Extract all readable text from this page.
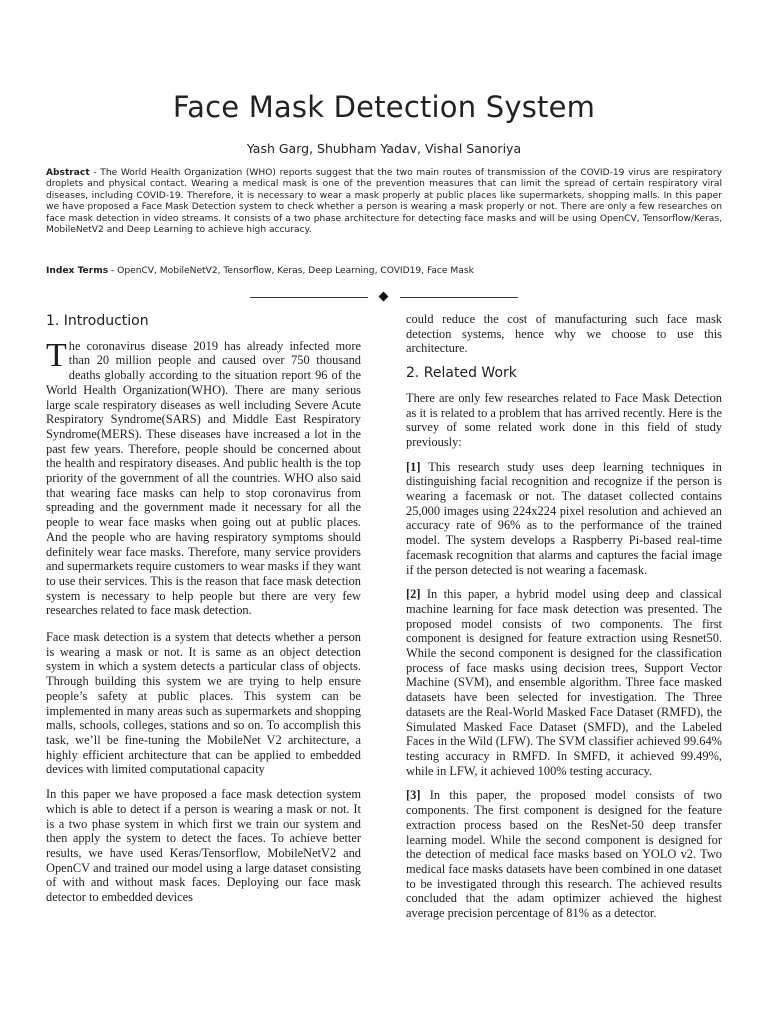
Face Mask Detection System
Yash Garg, Shubham Yadav, Vishal Sanoriya

Abstract - The World Health Organization (WHO) reports suggest that the two main routes of transmission of the COVID-19 virus are respiratory droplets and physical contact. Wearing a medical mask is one of the prevention measures that can limit the spread of certain respiratory viral diseases, including COVID-19. Therefore, it is necessary to wear a mask properly at public places like supermarkets, shopping malls. In this paper we have proposed a Face Mask Detection system to check whether a person is wearing a mask properly or not. There are only a few researches on face mask detection in video streams. It consists of a two phase architecture for detecting face masks and will be using OpenCV, Tensorflow/Keras, MobileNetV2 and Deep Learning to achieve high accuracy.

Index Terms - OpenCV, MobileNetV2, Tensorflow, Keras, Deep Learning, COVID19, Face Mask

1. Introduction

The coronavirus disease 2019 has already infected more than 20 million people and caused over 750 thousand deaths globally according to the situation report 96 of the World Health Organization(WHO). There are many serious large scale respiratory diseases as well including Severe Acute Respiratory Syndrome(SARS) and Middle East Respiratory Syndrome(MERS). These diseases have increased a lot in the past few years. Therefore, people should be concerned about the health and respiratory diseases. And public health is the top priority of the government of all the countries. WHO also said that wearing face masks can help to stop coronavirus from spreading and the government made it necessary for all the people to wear face masks when going out at public places. And the people who are having respiratory symptoms should definitely wear face masks. Therefore, many service providers and supermarkets require customers to wear masks if they want to use their services. This is the reason that face mask detection system is necessary to help people but there are very few researches related to face mask detection.

Face mask detection is a system that detects whether a person is wearing a mask or not. It is same as an object detection system in which a system detects a particular class of objects. Through building this system we are trying to help ensure people’s safety at public places. This system can be implemented in many areas such as supermarkets and shopping malls, schools, colleges, stations and so on. To accomplish this task, we’ll be fine-tuning the MobileNet V2 architecture, a highly efficient architecture that can be applied to embedded devices with limited computational capacity

In this paper we have proposed a face mask detection system which is able to detect if a person is wearing a mask or not. It is a two phase system in which first we train our system and then apply the system to detect the faces. To achieve better results, we have used Keras/Tensorflow, MobileNetV2 and OpenCV and trained our model using a large dataset consisting of with and without mask faces. Deploying our face mask detector to embedded devices

could reduce the cost of manufacturing such face mask detection systems, hence why we choose to use this architecture.

2. Related Work

There are only few researches related to Face Mask Detection as it is related to a problem that has arrived recently. Here is the survey of some related work done in this field of study previously:

[1] This research study uses deep learning techniques in distinguishing facial recognition and recognize if the person is wearing a facemask or not. The dataset collected contains 25,000 images using 224x224 pixel resolution and achieved an accuracy rate of 96% as to the performance of the trained model. The system develops a Raspberry Pi-based real-time facemask recognition that alarms and captures the facial image if the person detected is not wearing a facemask.

[2] In this paper, a hybrid model using deep and classical machine learning for face mask detection was presented. The proposed model consists of two components. The first component is designed for feature extraction using Resnet50. While the second component is designed for the classification process of face masks using decision trees, Support Vector Machine (SVM), and ensemble algorithm. Three face masked datasets have been selected for investigation. The Three datasets are the Real-World Masked Face Dataset (RMFD), the Simulated Masked Face Dataset (SMFD), and the Labeled Faces in the Wild (LFW). The SVM classifier achieved 99.64% testing accuracy in RMFD. In SMFD, it achieved 99.49%, while in LFW, it achieved 100% testing accuracy.

[3] In this paper, the proposed model consists of two components. The first component is designed for the feature extraction process based on the ResNet-50 deep transfer learning model. While the second component is designed for the detection of medical face masks based on YOLO v2. Two medical face masks datasets have been combined in one dataset to be investigated through this research. The achieved results concluded that the adam optimizer achieved the highest average precision percentage of 81% as a detector.
